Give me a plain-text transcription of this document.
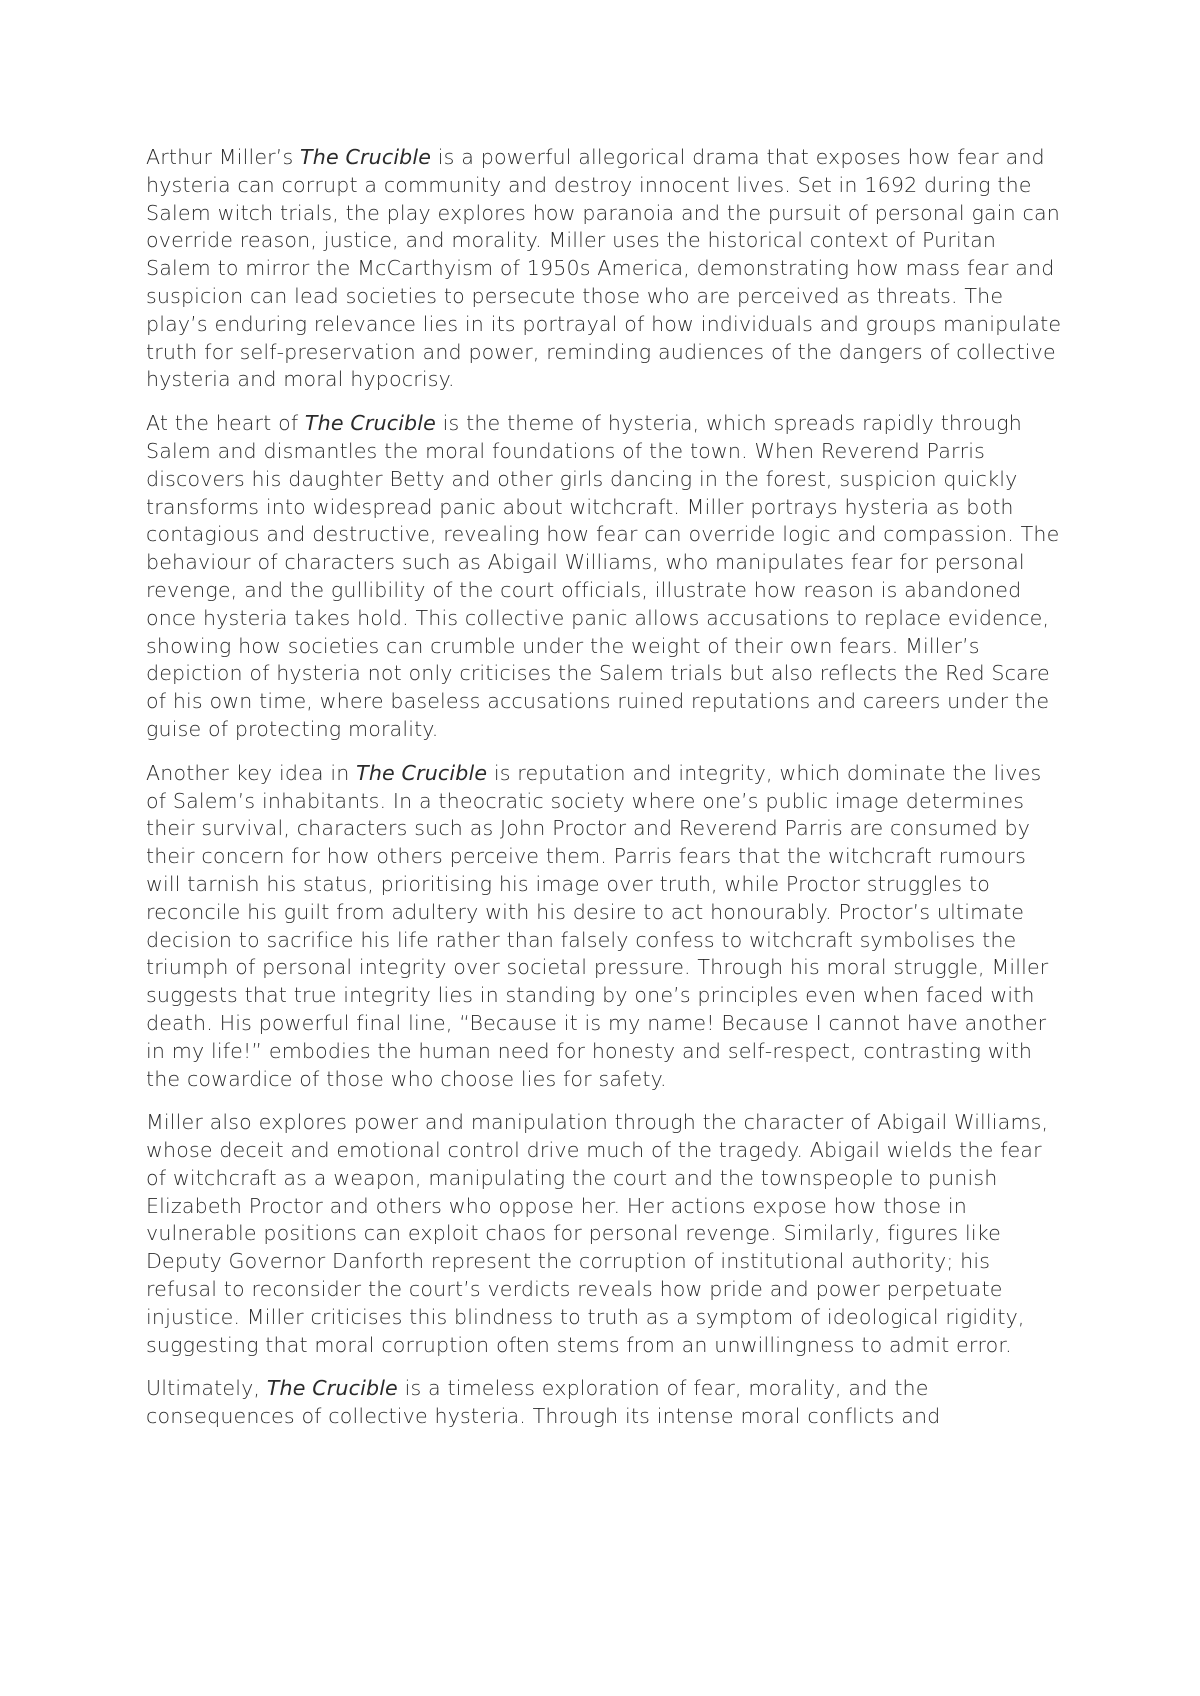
Arthur Miller’s The Crucible is a powerful allegorical drama that exposes how fear and hysteria can corrupt a community and destroy innocent lives. Set in 1692 during the Salem witch trials, the play explores how paranoia and the pursuit of personal gain can override reason, justice, and morality. Miller uses the historical context of Puritan Salem to mirror the McCarthyism of 1950s America, demonstrating how mass fear and suspicion can lead societies to persecute those who are perceived as threats. The play’s enduring relevance lies in its portrayal of how individuals and groups manipulate truth for self-preservation and power, reminding audiences of the dangers of collective hysteria and moral hypocrisy.

At the heart of The Crucible is the theme of hysteria, which spreads rapidly through Salem and dismantles the moral foundations of the town. When Reverend Parris discovers his daughter Betty and other girls dancing in the forest, suspicion quickly transforms into widespread panic about witchcraft. Miller portrays hysteria as both contagious and destructive, revealing how fear can override logic and compassion. The behaviour of characters such as Abigail Williams, who manipulates fear for personal revenge, and the gullibility of the court officials, illustrate how reason is abandoned once hysteria takes hold. This collective panic allows accusations to replace evidence, showing how societies can crumble under the weight of their own fears. Miller’s depiction of hysteria not only criticises the Salem trials but also reflects the Red Scare of his own time, where baseless accusations ruined reputations and careers under the guise of protecting morality.

Another key idea in The Crucible is reputation and integrity, which dominate the lives of Salem’s inhabitants. In a theocratic society where one’s public image determines their survival, characters such as John Proctor and Reverend Parris are consumed by their concern for how others perceive them. Parris fears that the witchcraft rumours will tarnish his status, prioritising his image over truth, while Proctor struggles to reconcile his guilt from adultery with his desire to act honourably. Proctor’s ultimate decision to sacrifice his life rather than falsely confess to witchcraft symbolises the triumph of personal integrity over societal pressure. Through his moral struggle, Miller suggests that true integrity lies in standing by one’s principles even when faced with death. His powerful final line, “Because it is my name! Because I cannot have another in my life!” embodies the human need for honesty and self-respect, contrasting with the cowardice of those who choose lies for safety.

Miller also explores power and manipulation through the character of Abigail Williams, whose deceit and emotional control drive much of the tragedy. Abigail wields the fear of witchcraft as a weapon, manipulating the court and the townspeople to punish Elizabeth Proctor and others who oppose her. Her actions expose how those in vulnerable positions can exploit chaos for personal revenge. Similarly, figures like Deputy Governor Danforth represent the corruption of institutional authority; his refusal to reconsider the court’s verdicts reveals how pride and power perpetuate injustice. Miller criticises this blindness to truth as a symptom of ideological rigidity, suggesting that moral corruption often stems from an unwillingness to admit error.

Ultimately, The Crucible is a timeless exploration of fear, morality, and the consequences of collective hysteria. Through its intense moral conflicts and
